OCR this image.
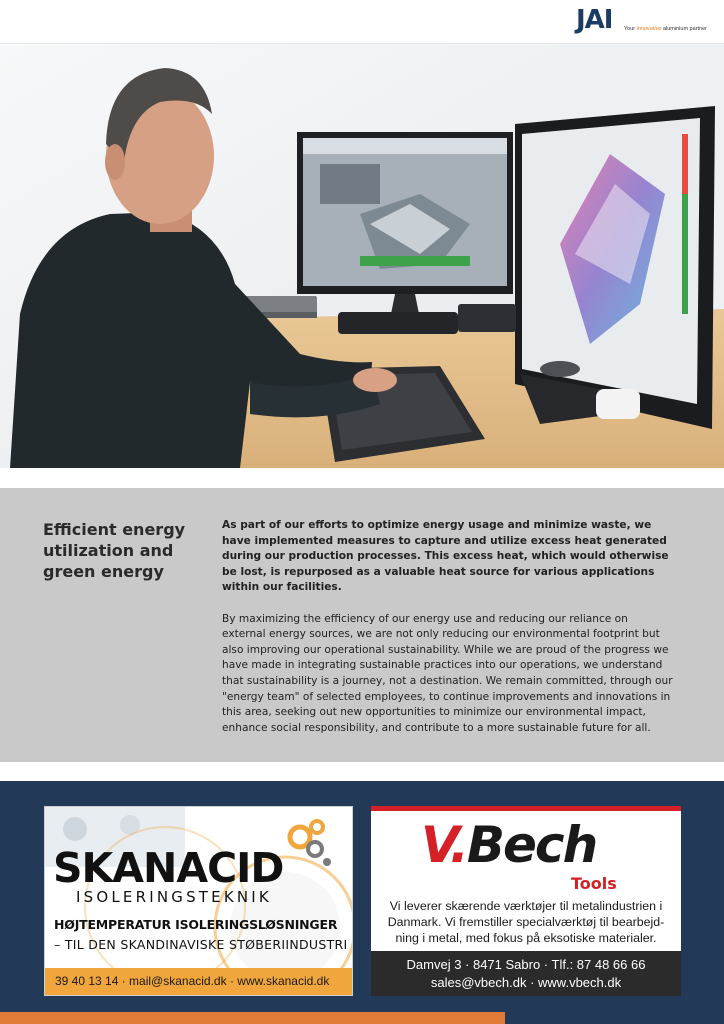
JAI Your innovative aluminium partner
Efficient energy utilization and green energy

As part of our efforts to optimize energy usage and minimize waste, we have implemented measures to capture and utilize excess heat generated during our production processes. This excess heat, which would otherwise be lost, is repurposed as a valuable heat source for various applications within our facilities.

By maximizing the efficiency of our energy use and reducing our reliance on external energy sources, we are not only reducing our environmental footprint but also improving our operational sustainability. While we are proud of the progress we have made in integrating sustainable practices into our operations, we understand that sustainability is a journey, not a destination. We remain committed, through our "energy team" of selected employees, to continue improvements and innovations in this area, seeking out new opportunities to minimize our environmental impact, enhance social responsibility, and contribute to a more sustainable future for all.

SKANACID
ISOLERINGSTEKNIK
HØJTEMPERATUR ISOLERINGSLØSNINGER
– TIL DEN SKANDINAVISKE STØBERIINDUSTRI
39 40 13 14 · mail@skanacid.dk · www.skanacid.dk
V.Bech
Tools
Vi leverer skærende værktøjer til metalindustrien i Danmark. Vi fremstiller specialværktøj til bearbejd-ning i metal, med fokus på eksotiske materialer.
Damvej 3 · 8471 Sabro · Tlf.: 87 48 66 66
sales@vbech.dk · www.vbech.dk
